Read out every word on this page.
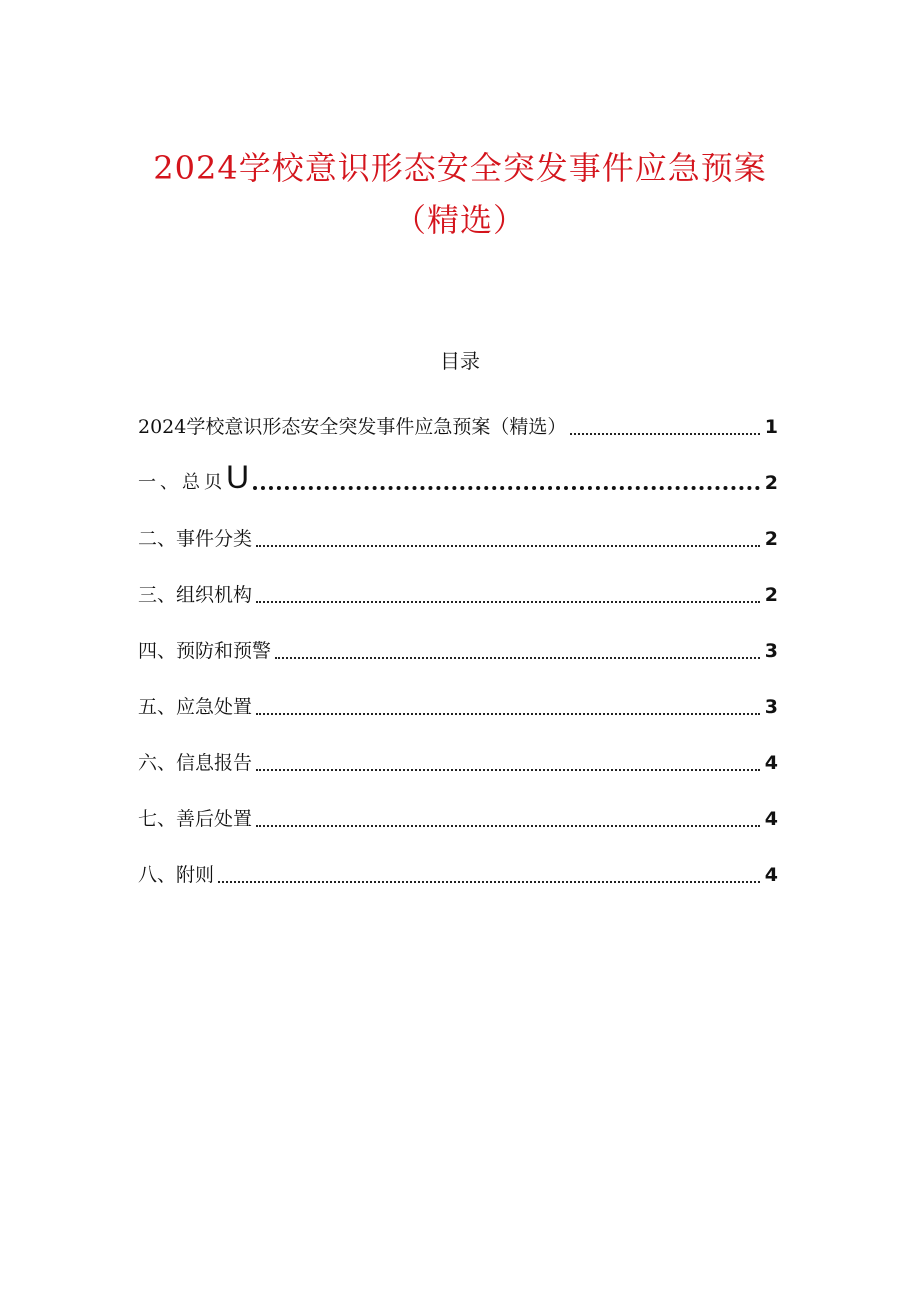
2024学校意识形态安全突发事件应急预案
（精选）
目录
2024学校意识形态安全突发事件应急预案（精选）	1
一、总贝U	2
二、事件分类	2
三、组织机构	2
四、预防和预警	3
五、应急处置	3
六、信息报告	4
七、善后处置	4
八、附则	4
